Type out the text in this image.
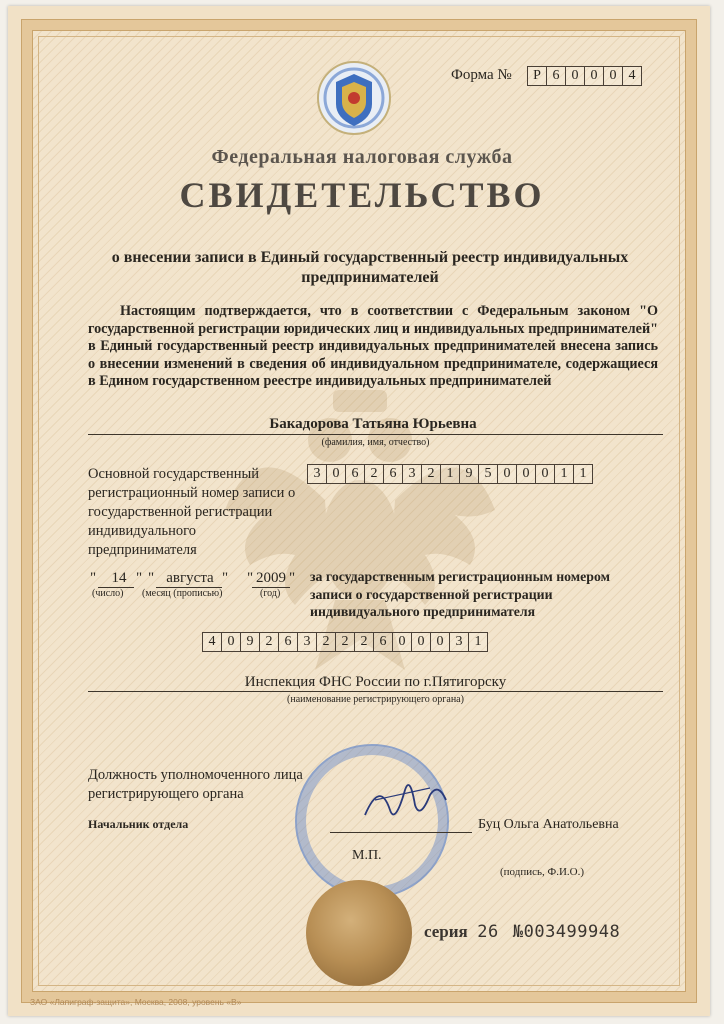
Форма №	Р 6 0 0 0 4
Федеральная налоговая служба
СВИДЕТЕЛЬСТВО
о внесении записи в Единый государственный реестр индивидуальных предпринимателей
Настоящим подтверждается, что в соответствии с Федеральным законом "О государственной регистрации юридических лиц и индивидуальных предпринимателей" в Единый государственный реестр индивидуальных предпринимателей внесена запись о внесении изменений в сведения об индивидуальном предпринимателе, содержащиеся в Едином государственном реестре индивидуальных предпринимателей
Бакадорова Татьяна Юрьевна
(фамилия, имя, отчество)
Основной государственный регистрационный номер записи о государственной регистрации индивидуального предпринимателя
3 0 6 2 6 3 2 1 9 5 0 0 0 1 1
"	14 "
(число)
" августа "
(месяц (прописью)
" 2009 "
(год)
за государственным регистрационным номером записи о государственной регистрации индивидуального предпринимателя
4 0 9 2 6 3 2 2 2 6 0 0 0 3 1
Инспекция ФНС России по г.Пятигорску
(наименование регистрирующего органа)
Должность уполномоченного лица регистрирующего органа
Начальник отдела	Буц Ольга Анатольевна
М.П.
(подпись, Ф.И.О.)
серия 26 №003499948
ЗАО «Лапиграф-защита», Москва, 2008, уровень «В»
